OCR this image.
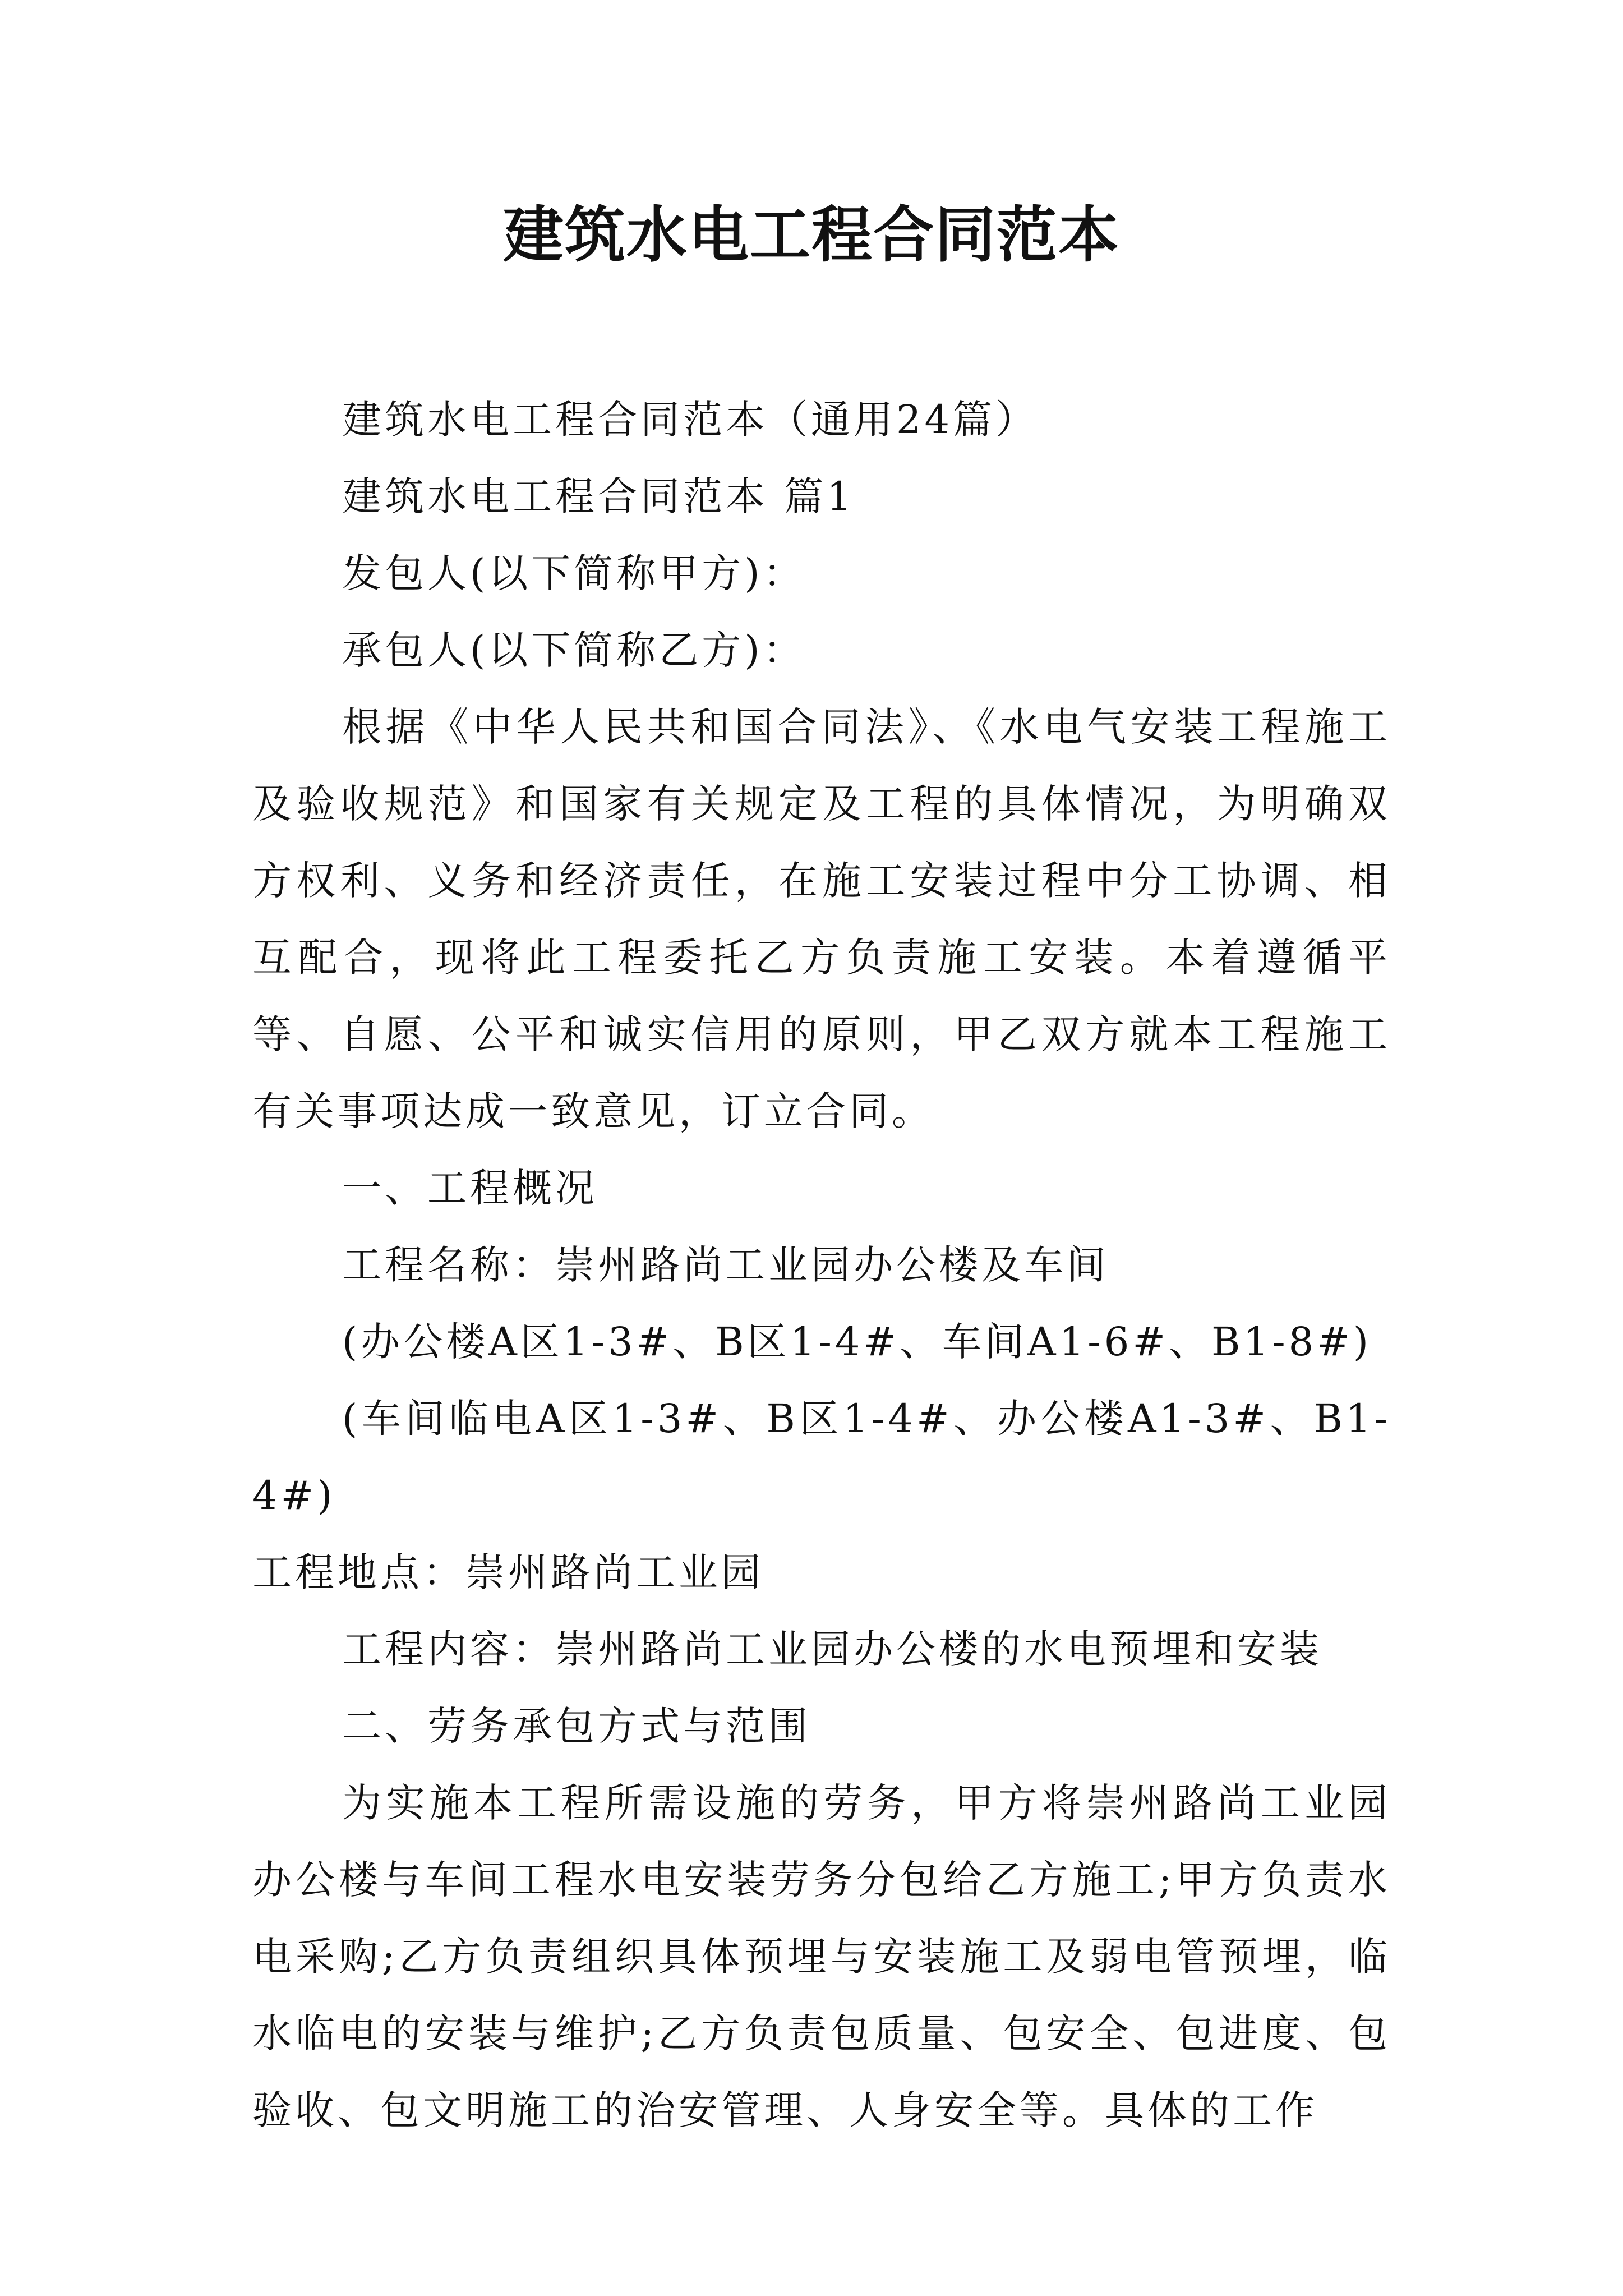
建筑水电工程合同范本

建筑水电工程合同范本（通用24篇）

建筑水电工程合同范本 篇1

发包人(以下简称甲方)：

承包人(以下简称乙方)：

根据《中华人民共和国合同法》、《水电气安装工程施工及验收规范》和国家有关规定及工程的具体情况，为明确双方权利、义务和经济责任，在施工安装过程中分工协调、相互配合，现将此工程委托乙方负责施工安装。本着遵循平等、自愿、公平和诚实信用的原则，甲乙双方就本工程施工有关事项达成一致意见，订立合同。

一、工程概况

工程名称：崇州路尚工业园办公楼及车间

(办公楼A区1-3#、B区1-4#、车间A1-6#、B1-8#)

(车间临电A区1-3#、B区1-4#、办公楼A1-3#、B1-4#)

工程地点：崇州路尚工业园

工程内容：崇州路尚工业园办公楼的水电预埋和安装

二、劳务承包方式与范围

为实施本工程所需设施的劳务，甲方将崇州路尚工业园办公楼与车间工程水电安装劳务分包给乙方施工;甲方负责水电采购;乙方负责组织具体预埋与安装施工及弱电管预埋，临水临电的安装与维护;乙方负责包质量、包安全、包进度、包验收、包文明施工的治安管理、人身安全等。具体的工作
